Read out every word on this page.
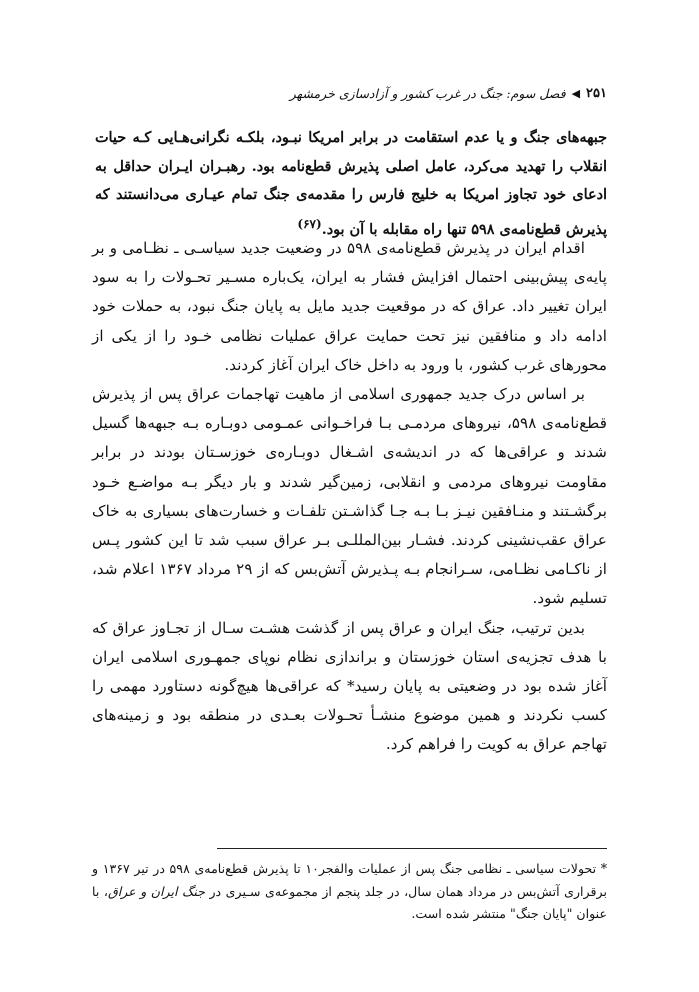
۲۵۱
◀
فصل سوم: جنگ در غرب کشور و آزادسازی خرمشهر

جبهه‌های جنگ و یا عدم استقامت در برابر امریکا نبـود، بلکـه نگرانی‌هـایی کـه حیات انقلاب را تهدید می‌کرد، عامل اصلی پذیرش قطع‌نامه بود. رهبـران ایـران حداقل به ادعای خود تجاوز امریکا به خلیج فارس را مقدمه‌ی جنگ تمام عیـاری می‌دانستند که پذیرش قطع‌نامه‌ی ۵۹۸ تنها راه مقابله با آن بود.$^{(۶۷)}$

اقدام ایران در پذیرش قطع‌نامه‌ی ۵۹۸ در وضعیت جدید سیاسـی ـ نظـامی و بر پایه‌ی پیش‌بینی احتمال افزایش فشار به ایران، یک‌باره مسـیر تحـولات را به سود ایران تغییر داد. عراق که در موقعیت جدید مایل به پایان جنگ نبود، به حملات خود ادامه داد و منافقین نیز تحت حمایت عراق عملیات نظامی خـود را از یکی از محورهای غرب کشور، با ورود به داخل خاک ایران آغاز کردند.

بر اساس درک جدید جمهوری اسلامی از ماهیت تهاجمات عراق پس از پذیرش قطع‌نامه‌ی ۵۹۸، نیروهای مردمـی بـا فراخـوانی عمـومی دوبـاره بـه جبهه‌ها گسیل شدند و عراقی‌ها که در اندیشه‌ی اشـغال دوبـاره‌ی خوزسـتان بودند در برابر مقاومت نیروهای مردمی و انقلابی، زمین‌گیر شدند و بار دیگر بـه مواضـع خـود برگشـتند و منـافقین نیـز بـا بـه جـا گذاشـتن تلفـات و خسارت‌های بسیاری به خاک عراق عقب‌نشینی کردند. فشـار بین‌المللـی بـر عراق سبب شد تا این کشور پـس از ناکـامی نظـامی، سـرانجام بـه پـذیرش آتش‌بس که از ۲۹ مرداد ۱۳۶۷ اعلام شد، تسلیم شود.

بدین ترتیب، جنگ ایران و عراق پس از گذشت هشـت سـال از تجـاوز عراق که با هدف تجزیه‌ی استان خوزستان و براندازی نظام نوپای جمهـوری اسلامی ایران آغاز شده بود در وضعیتی به پایان رسید* که عراقی‌ها هیچ‌گونه دستاورد مهمی را کسب نکردند و همین موضوع منشـأ تحـولات بعـدی در منطقه بود و زمینه‌های تهاجم عراق به کویت را فراهم کرد.

* تحولات سیاسی ـ نظامی جنگ پس از عملیات والفجر۱۰ تا پذیرش قطع‌نامه‌ی ۵۹۸ در تیر ۱۳۶۷ و برقراری آتش‌بس در مرداد همان سال، در جلد پنجم از مجموعه‌ی سـیری در جنگ ایران و عراق، با عنوان "پایان جنگ" منتشر شده است.
